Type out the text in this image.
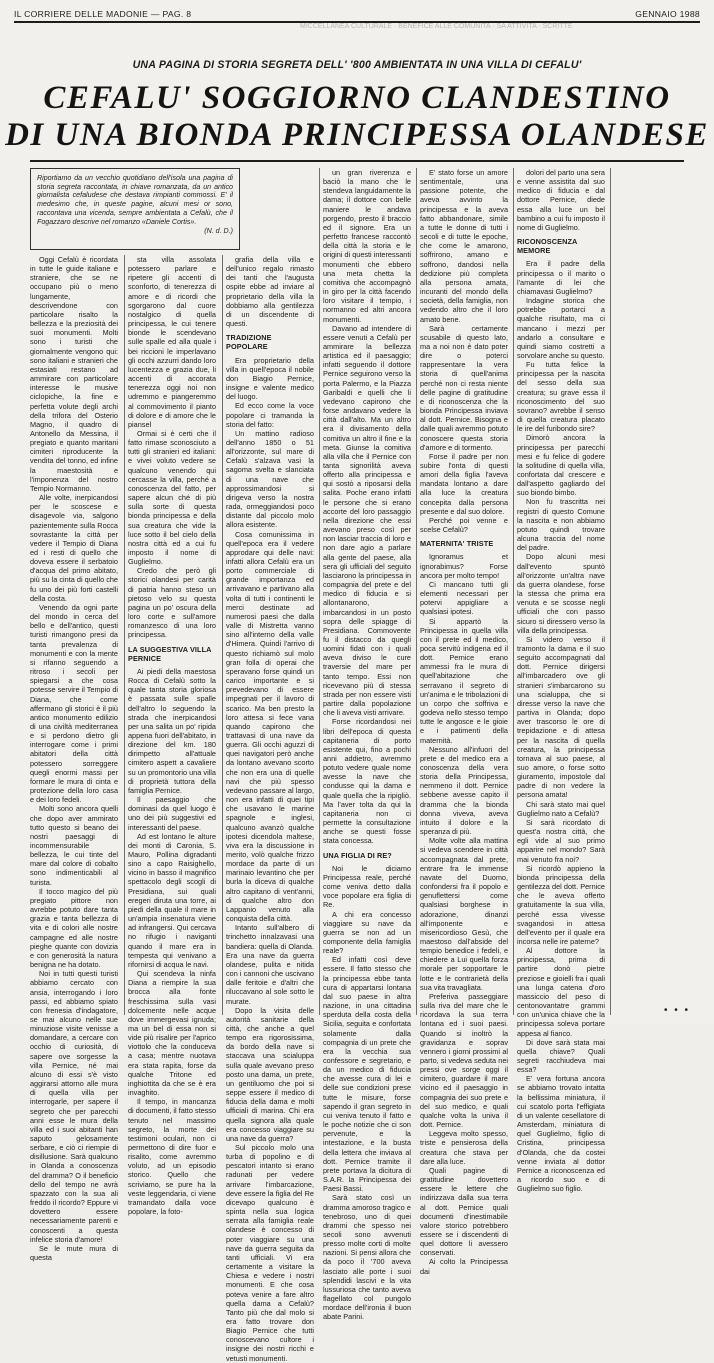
IL CORRIERE DELLE MADONIE — PAG. 8	GENNAIO 1988
MICCELLANEA CULTURALE · BENEFICE ALLE COMUNITA · SA ATTIVITA · SCRITTE
UNA PAGINA DI STORIA SEGRETA DELL' '800 AMBIENTATA IN UNA VILLA DI CEFALU'
CEFALU' SOGGIORNO CLANDESTINO
DI UNA BIONDA PRINCIPESSA OLANDESE
Riportiamo da un vecchio quotidiano dell'isola una pagina di storia segreta raccontata, in chiave romanzata, da un antico giornalista cefaludese che destava rimpianti commossi. E' il medesimo che, in queste pagine, alcuni mesi or sono, raccontava una vicenda, sempre ambientata a Cefalù, che il Fogazzaro descrive nel romanzo «Daniele Cortis».
(N. d. D.)

Oggi Cefalù è ricordata in tutte le guide italiane e straniere, che se ne occupano più o meno lungamente, descrivendone con particolare risalto la bellezza e la preziosità dei suoi monumenti. Molti sono i turisti che giornalmente vengono qui: sono italiani e stranieri che estasiati restano ad ammirare con particolare interesse le musive ciclopiche, la fine e perfetta volute degli archi della trifora del Osterio Magno, il quadro di Antonello da Messina, il pregiato e quanto maritani cimiteri riproducente la vendita del tonno, ed infine la maestosità e l'imponenza del nostro Tempio Normanno.

Alle volte, inerpicandosi per le scoscese e disagevole via, salgono pazientemente sulla Rocca sovrastante la città per vedere il Tempio di Diana ed i resti di quello che doveva essere il serbatoio d'acqua del primo abitato, più su la cinta di quello che fu uno dei più forti castelli della costa.

Venendo da ogni parte del mondo in cerca del bello e dell'antico, questi turisti rimangono presi da tanta prevalenza di monumenti e con la mente si rifanno seguendo a ritroso i secoli per spiegarsi a che cosa potesse servire il Tempio di Diana, che come affermano gli storici è il più antico monumento edilizio di una civiltà mediterranea e si perdono dietro gli interrogare come i primi abitatori della città potessero sorreggere quegli enormi massi per formare le mura di cinta e protezione della loro casa e dei loro fedeli.

Molti sono ancora quelli che dopo aver ammirato tutto questo si beano dei nostri paesaggi di incommensurabile bellezza, le cui tinte del mare dal colore di cobalto sono indimenticabili al turista.

Il tocco magico del più pregiato pittore non avrebbe potuto dare tanta grazia e tanta bellezza di vita e di colori alle nostre campagne ed alle nostre pieghe quante con dovizia e con generosità la natura benigna ne ha dotato.

Noi in tutti questi turisti abbiamo cercato con ansia, interrogando i loro passi, ed abbiamo spiato con frenesia d'indagatore, se mai alcuno nelle sue minuziose visite venisse a domandare, a cercare con occhio di curiosità, di sapere ove sorgesse la villa Pernice, né mai alcuno di essi s'è visto aggirarsi attorno alle mura di quella villa per interrogarle, per sapere il segreto che per parecchi anni esse le mura della villa ed i suoi abitanti han saputo gelosamente serbare, e ciò ci riempie di disillusione. Sarà qualcuno in Olanda a conoscenza del dramma? O il beneficio dello del tempo ne avrà spazzato con la sua ali freddo il ricordo? Eppure vi dovettero essere necessariamente parenti e conoscenti a questa infelice storia d'amore!

Se le mute mura di questa

sta villa assolata potessero parlare e ripetere gli accenti di sconforto, di tenerezza di amore e di ricordi che sgorgarono dal cuore nostalgico di quella principessa, le cui tenere bionde le scendevano sulle spalle ed alla quale i bei riccioni le imperlavano gli occhi azzurri dando loro lucentezza e grazia due, li accenti di accorata tenerezza oggi noi non udremmo e piangeremmo al commovimento il pianto di dolore e di amore che le piansel

Ormai si è certi che il fatto rimase sconosciuto a tutti gli stranieri ed italiani: e vivei voluto vedere se qualcuno venendo qui cercasse la villa, perché a conoscenza del fatto, per sapere alcun ché di più sulla sorte di questa bionda principessa e della sua creatura che vide la luce sotto il bel cielo della nostra città ed a cui fu imposto il nome di Guglielmo.

Credo che però gli storici olandesi per carità di patria hanno steso un pietoso velo su questa pagina un po' oscura della loro corte e sull'amore romanzesco di una loro principessa.

LA SUGGESTIVA VILLA PERNICE

Ai piedi della maestosa Rocca di Cefalù sotto la quale tanta storia gloriosa è passata sulle spalle dell'altro lo seguendo la strada che inerpicandosi per una salita un po' ripida appena fuori dell'abitato, in direzione del km. 180 dirimpetto all'attuale cimitero aspett a cavaliere su un promontorio una villa di proprietà tuttora della famiglia Pernice.

Il paesaggio che dominasi da quel luogo è uno dei più suggestivi ed interessanti del paese.

Ad est lontano le alture dei monti di Caronia, S. Mauro, Pollina digradanti sino a capo Raisighello, vicino in basso il magnifico spettacolo degli scogli di Presidiana, sui quali eregeri diruta una torre, ai piedi della quale il mare in un'ampia insenatura viene ad infrangersi. Qui cercava no rifugio i naviganti quando il mare era in tempesta qui venivano a rifornirsi di acqua le navi.

Qui scendeva la ninfa Diana a riempire la sua brocca alla fonte freschissima sulla vasi dolcemente nelle acque dove immergevasi ignuda; ma un bel di essa non si vide più risalire per l'aprico viottolo che la conduceva a casa; mentre nuotava era stata rapita, forse da qualche Tritone ed inghiottita da che se è era invaghito.

Il tempo, in mancanza di documenti, il fatto stesso tenuto nel massimo segreto, la morte dei testimoni oculari, non ci permettono di dire fuor e risalito, come avremmo voluto, ad un episodio storico. Quello che scriviamo, se pure ha la veste leggendaria, ci viene tramandato dalla voce popolare, la foto-

grafia della villa e dell'unico regalo rimasto dei tanti che l'augusta ospite ebbe ad inviare al proprietario della villa la dobbiamo alla gentilezza di un discendente di questi.

TRADIZIONE POPOLARE

Era proprietario della villa in quell'epoca il nobile don Biagio Pernice, insigne e valente medico del luogo.

Ed ecco come la voce popolare ci tramanda la storia del fatto:

Un mattino radioso dell'anno 1850 o 51 all'orizzonte, sul mare di Cefalù s'alzava vasi la sagoma svelta e slanciata di una nave che approssimandosi si dirigeva verso la nostra rada, ormeggiandosi poco distante dal piccolo molo allora esistente.

Cosa comunissima in quell'epoca era il vedere approdare qui delle navi: infatti allora Cefalù era un porto commerciale di grande importanza ed arrivavano e partivano alla volta di tutti i continenti le merci destinate ad numerosi paesi che dalla valle di Mistretta vanno sino all'interno della valle d'Himera. Quindi l'arrivo di questo richiamò sul molo gran folla di operai che speravano forse quindi un carico importante e si prevedevano di essere impegnati per il lavoro di scarico. Ma ben presto la loro attesa si fece vana quando capirono che trattavasi di una nave da guerra. Gli occhi aguzzi di quei navigatori però anche da lontano avevano scorto che non era una di quelle navi che più spesso vedevano passare al largo, non era infatti di quei tipi che usavano le marine spagnole e inglesi, qualcuno avanzò qualche ipotesi dicendola maltese, viva era la discussione in merito, volò qualche frizzo mordace da parte di un marinaio levantino che per burla la diceva di qualche altro capitano di vent'anni, di qualche altro don Lappanio venuto alla conquista della città.

Intanto sull'albero di trinchetto innalzavasi una bandiera: quella di Olanda. Era una nave da guerra olandese, pulita e nitida con i cannoni che uscivano dalle feritoie e d'altri che riluccavano al sole sotto le murate.

Dopo la visita delle autorità sanitarie della città, che anche a quel tempo era rigorosissima, da bordo della nave si staccava una scialuppa sulla quale avevano preso posto una dama, un prete, un gentiluomo che poi si seppe essere il medico di fiducia della dama e molti ufficiali di marina. Chi era quella signora alla quale era concesso viaggiare su una nave da guerra?

Sul piccolo molo una turba di popolino e di pescatori intanto si erano radunati per vedere arrivare l'imbarcazione, deve essere la figlia del Re dicevapo qualcuno è spinta nella sua logica serrata alla famiglia reale olandese è concesso di poter viaggiare su una nave da guerra seguita da tanti ufficiali. Vi era certamente a visitare la Chiesa e vedere i nostri monumenti. E che cosa poteva venire a fare altro quella dama a Cefalù? Tanto più che dal molo si era fatto trovare don Biagio Pernice che tutti conoscevano cultore i insigne dei nostri ricchi e vetusti monumenti.

un gran riverenza e baciò la mano che le stendeva languidamente la dama; il dottore con belle maniere le andava porgendo, presto il braccio ed il signore. Era un perfetto francese raccontò della città la storia e le origini di questi interessanti monumenti che ebbero una meta chetta la comitiva che accompagnò in giro per la città facendo loro visitare il tempio, i normanno ed altri ancora monumenti.

Davano ad intendere di essere venuti a Cefalù per ammirare la bellezza artistica ed il paesaggio; infatti seguendo il dottore Pernice seguirono verso la porta Palermo, e la Piazza Garibaldi e quelli che li vedevano capirono che forse andavano vedere la città dall'alto. Ma un altro era il divisamento della comitiva un altro il fine e la meta. Giunse la comitiva alla villa che il Pernice con tanta signorilità aveva offerto alla principessa e qui sostò a riposarsi della salita. Poche erano infatti le persone che si erano accorte del loro passaggio nella direzione che essi avevano preso così per non lasciar traccia di loro e non dare agio a parlare alla gente del paese, alla sera gli ufficiali del seguito lasciarono la principessa in compagnia del prete e del medico di fiducia e si allontanarono, imbarcandosi in un posto sopra delle spiagge di Presidiana. Commovente fu il distacco da quegli uomini fidati con i quali aveva diviso le cure traversie del mare per tanto tempo. Essi non ricevevano più di stessa strada per non essere visti partire dalla popolazione che li aveva visti arrivare.

Forse ricordandosi nei libri dell'epoca di questa capitaneria di porto esistente qui, fino a pochi anni addietro, avremmo potuto vedere quale nome avesse la nave che condusse qui la dama e quale quella che la ripigliò. Ma l'aver tolta da qui la capitaneria non ci permette la consultazione anche se questi fosse stata concessa.

UNA FIGLIA DI RE?

Noi le diciamo Principessa reale, perché come veniva detto dalla voce popolare era figlia di Re.

A chi era concesso viaggiare su nave da guerra se non ad un componente della famiglia reale?

Ed infatti così deve essere. Il fatto stesso che la principessa ebbe tanta cura di appartarsi lontana dal suo paese in altra nazione, in una cittadina sperduta della costa della Sicilia, seguita e confortata solamente dalla compagnia di un prete che era la vecchia sua confessore e segretario, e da un medico di fiducia che avesse cura di lei e delle sue condizioni prese tutte le misure, forse sapendo il gran segreto in cui veniva tenuto il fatto e le poche notizie che ci son pervenute, e la intestazione, e la busta della lettera che inviava al dott. Pernice tramite il prete portava la dicitura di S.A.R. la Principessa dei Paesi Bassi.

Sarà stato così un dramma amoroso tragico e tenebroso, uno di quei drammi che spesso nei secoli sono avvenuti presso molte corti di molte nazioni. Si pensi allora che da poco il '700 aveva lasciato alle porte i suoi splendidi lascivi e la vita lussuriosa che tanto aveva flagellato col pungolo mordace dell'ironia il buon abate Parini.

E' stato forse un amore sentimentale, una passione potente, che aveva avvinto la principessa e la aveva fatto abbandonare, simile a tutte le donne di tutti i secoli e di tutte le epoche, che come le amarono, soffrirono, amano e soffrono, dandosi nella dedizione più completa alla persona amata, incuranti del mondo della società, della famiglia, non vedendo altro che il loro amato bene.

Sarà certamente scusabile di questo lato, ma a noi non è dato poter dire o poterci rappresentare la vera storia di quell'anima perché non ci resta niente delle pagine di gratitudine e di riconoscenza che la bionda Principessa inviava al dott. Pernice. Bisogna e dalle quali avremmo potuto conoscere questa storia d'amore e di tormento.

Forse il padre per non subire l'onta di questi amori della figlia l'aveva mandata lontano a dare alla luce la creatura concepita dalla persona presente e dal suo dolore.

Perché poi venne e scelse Cefalù?

MATERNITA' TRISTE

Ignoramus et ignorabimus? Forse ancora per molto tempo!

Ci mancano tutti gli elementi necessari per potervi appigliare a qualsiasi ipotesi.

Si appartò la Principessa in quella villa con il prete ed il medico, poca servitù indigena ed il dott. Pernice erano ammessi fra le mura di quell'abitazione che serravano il segreto di un'anima e le tribolazioni di un corpo che soffriva e godeva nello stesso tempo tutte le angosce e le gioie e i patimenti della maternità.

Nessuno all'infuori del prete e del medico era a conoscenza della vera storia della Principessa, nemmeno il dott. Pernice sebbene avesse capito il dramma che la bionda donna viveva, aveva intuito il dolore e la speranza di più.

Molte volte alla mattina si vedeva scendere in città accompagnata dal prete, entrare fra le immense navate del Duomo, confondersi fra il popolo e genuflettersi come qualsiasi borghese in adorazione, dinanzi all'imponente e misericordioso Gesù, che maestoso dall'abside del tempio benedice i fedeli, e chiedere a Lui quella forza morale per sopportare le lotte e le contrarietà della sua vita travagliata.

Preferiva passeggiare sulla riva del mare che le ricordava la sua terra lontana ed i suoi paesi. Quando si inoltrò la gravidanza e soprav vennero i giorni prossimi al parto, si vedeva seduta nei pressi ove sorge oggi il cimitero, guardare il mare vicino ed il paesaggio in compagnia dei suo prete e del suo medico, e quali qualche volta la univa il dott. Pernice.

Leggeva molto spesso, triste e pensierosa della creatura che stava per dare alla luce.

Quali pagine di gratitudine dovettero essere le lettere che indirizzava dalla sua terra al dott. Pernice quali documenti d'inestimabile valore storico potrebbero essere se i discendenti di quel dottore li avessero conservati.

Ai colto la Principessa dai

dolori del parto una sera e venne assistita dal suo medico di fiducia e dal dottore Pernice, diede essa alla luce un bel bambino a cui fu imposto il nome di Guglielmo.

RICONOSCENZA MEMORE

Era il padre della principessa o il marito o l'amante di lei che chiamavasi Guglielmo?

Indagine storica che potrebbe portarci a qualche risultato, ma ci mancano i mezzi per andarlo a consultare e quindi siamo costretti a sorvolare anche su questo.

Fu tutta felice la principessa per la nascita del sesso della sua creatura; su grave essa il riconoscimento del suo sovrano? avrebbe il senso di quella creatura placato le ire del furibondo sire?

Dimorò ancora la principessa per parecchi mesi e fu felice di godere la solitudine di quella villa, confortata dal crescere e dall'aspetto gagliardo del suo biondo bimbo.

Non fu trascritta nei registri di questo Comune la nascita e non abbiamo potuto quindi trovare alcuna traccia del nome del padre.

Dopo alcuni mesi dall'evento spuntò all'orizzonte un'altra nave da guerra olandese, forse la stessa che prima era venuta e se scosse negli ufficiali che con passo sicuro si diressero verso la villa della principessa.

Si videro verso il tramonto la dama e il suo seguito accompagnati dal dott. Pernice dirigersi all'imbarcadero ove gli stranieri s'imbarcarono su una scialuppa, che si diresse verso la nave che partiva in Olanda; dopo aver trascorso le ore di trepidazione e di attesa per la nascita di quella creatura, la principessa tornava al suo paese, al suo amore, o forse sotto giuramento, impostole dal padre di non vedere la persona amata!

Chi sarà stato mai quel Guglielmo nato a Cefalù?

Si sarà ricordato di quest'a nostra città, che egli vide al suo primo apparire nel mondo? Sarà mai venuto fra noi?

Si ricordò appieno la bionda principessa della gentilezza del dott. Pernice che le aveva offerto gratuitamente la sua villa, perché essa vivesse svagandosi in attesa dell'evento per il quale era incorsa nelle ire paterne?

Al dottore la principessa, prima di partire donò pietre preziose e gioielli fra i quali una lunga catena d'oro massiccio del peso di centonovantatre grammi con un'unica chiave che la principessa soleva portare appesa al fianco.

Di dove sarà stata mai quella chiave? Quali segreti racchiudeva mai essa?

E' vera fortuna ancora se abbiamo trovato intatta la bellissima miniatura, il cui scatolo porta l'effigiata di un valente cesellatore di Amsterdam, miniatura di quel Guglielmo, figlio di Cristina, principessa d'Olanda, che da costei venne inviata al dottor Pernice a riconoscenza ed a ricordo suo e di Guglielmo suo figlio.

• • •
